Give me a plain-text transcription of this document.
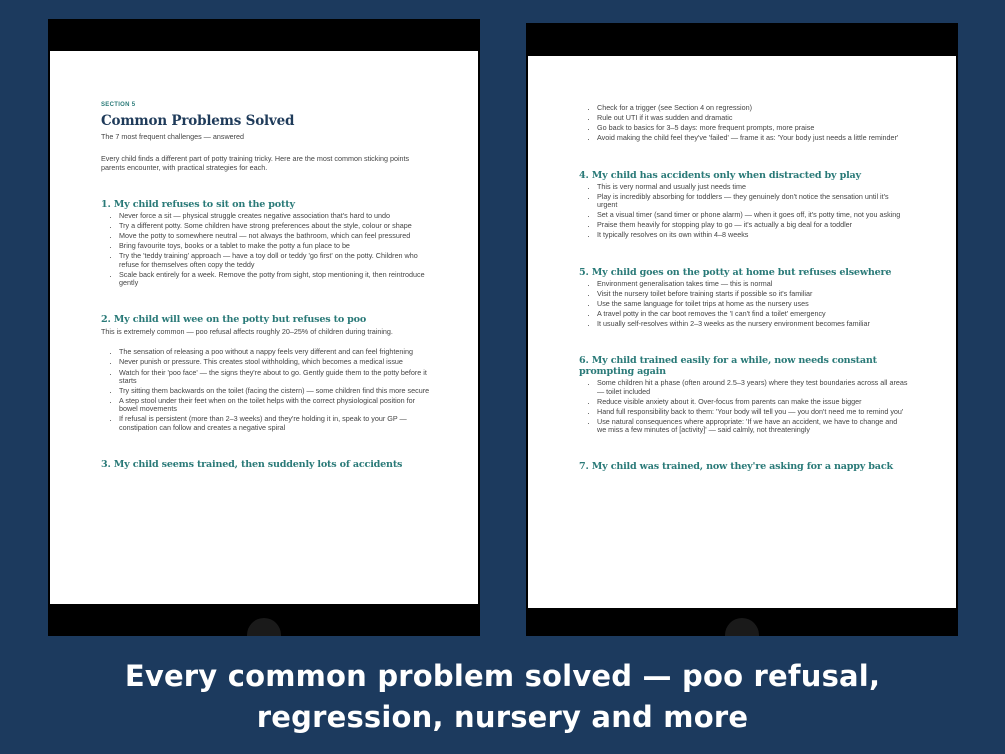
SECTION 5
Common Problems Solved
The 7 most frequent challenges — answered
Every child finds a different part of potty training tricky. Here are the most common sticking points parents encounter, with practical strategies for each.
1. My child refuses to sit on the potty
• Never force a sit — physical struggle creates negative association that's hard to undo
• Try a different potty. Some children have strong preferences about the style, colour or shape
• Move the potty to somewhere neutral — not always the bathroom, which can feel pressured
• Bring favourite toys, books or a tablet to make the potty a fun place to be
• Try the 'teddy training' approach — have a toy doll or teddy 'go first' on the potty. Children who refuse for themselves often copy the teddy
• Scale back entirely for a week. Remove the potty from sight, stop mentioning it, then reintroduce gently
2. My child will wee on the potty but refuses to poo
This is extremely common — poo refusal affects roughly 20–25% of children during training.
• The sensation of releasing a poo without a nappy feels very different and can feel frightening
• Never punish or pressure. This creates stool withholding, which becomes a medical issue
• Watch for their 'poo face' — the signs they're about to go. Gently guide them to the potty before it starts
• Try sitting them backwards on the toilet (facing the cistern) — some children find this more secure
• A step stool under their feet when on the toilet helps with the correct physiological position for bowel movements
• If refusal is persistent (more than 2–3 weeks) and they're holding it in, speak to your GP — constipation can follow and creates a negative spiral
3. My child seems trained, then suddenly lots of accidents
• Check for a trigger (see Section 4 on regression)
• Rule out UTI if it was sudden and dramatic
• Go back to basics for 3–5 days: more frequent prompts, more praise
• Avoid making the child feel they've 'failed' — frame it as: 'Your body just needs a little reminder'
4. My child has accidents only when distracted by play
• This is very normal and usually just needs time
• Play is incredibly absorbing for toddlers — they genuinely don't notice the sensation until it's urgent
• Set a visual timer (sand timer or phone alarm) — when it goes off, it's potty time, not you asking
• Praise them heavily for stopping play to go — it's actually a big deal for a toddler
• It typically resolves on its own within 4–8 weeks
5. My child goes on the potty at home but refuses elsewhere
• Environment generalisation takes time — this is normal
• Visit the nursery toilet before training starts if possible so it's familiar
• Use the same language for toilet trips at home as the nursery uses
• A travel potty in the car boot removes the 'I can't find a toilet' emergency
• It usually self-resolves within 2–3 weeks as the nursery environment becomes familiar
6. My child trained easily for a while, now needs constant prompting again
• Some children hit a phase (often around 2.5–3 years) where they test boundaries across all areas — toilet included
• Reduce visible anxiety about it. Over-focus from parents can make the issue bigger
• Hand full responsibility back to them: 'Your body will tell you — you don't need me to remind you'
• Use natural consequences where appropriate: 'If we have an accident, we have to change and we miss a few minutes of [activity]' — said calmly, not threateningly
7. My child was trained, now they're asking for a nappy back
Every common problem solved — poo refusal,
regression, nursery and more
